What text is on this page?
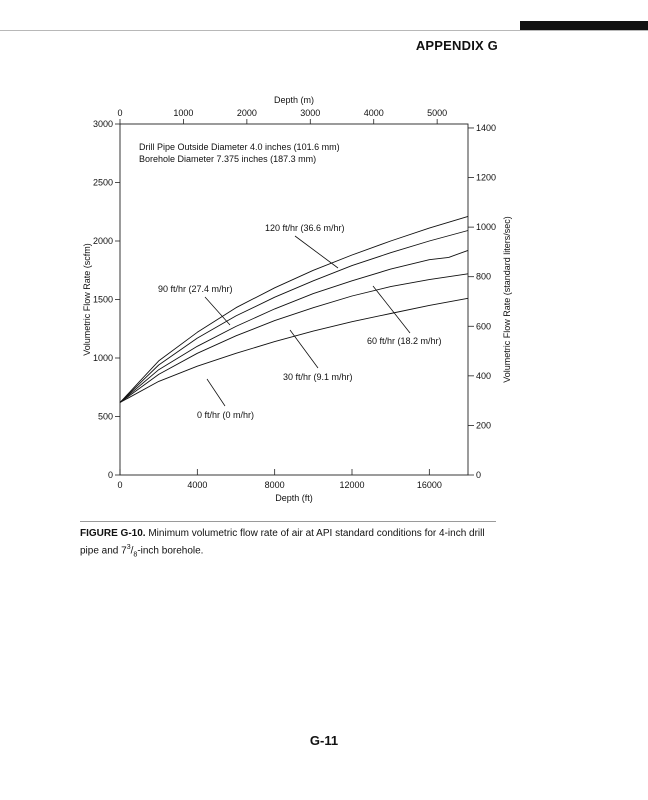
APPENDIX G
0	4000	8000	12000	16000
0
500
1000
1500
2000
2500
3000
0	1000	2000	3000	4000	5000
0
200
400
600
800
1000
1200
1400
Depth (ft)
Depth (m)
Volumetric Flow Rate (scfm)	Volumetric Flow Rate (standard liters/sec)
Drill Pipe Outside Diameter 4.0 inches (101.6 mm)
Borehole Diameter 7.375 inches (187.3 mm)
120 ft/hr (36.6 m/hr)
90 ft/hr (27.4 m/hr)
60 ft/hr (18.2 m/hr)
30 ft/hr (9.1 m/hr)
0 ft/hr (0 m/hr)
FIGURE G-10. Minimum volumetric flow rate of air at API standard conditions for 4-inch drill pipe and $7^3/_8$-inch borehole.
G-11
